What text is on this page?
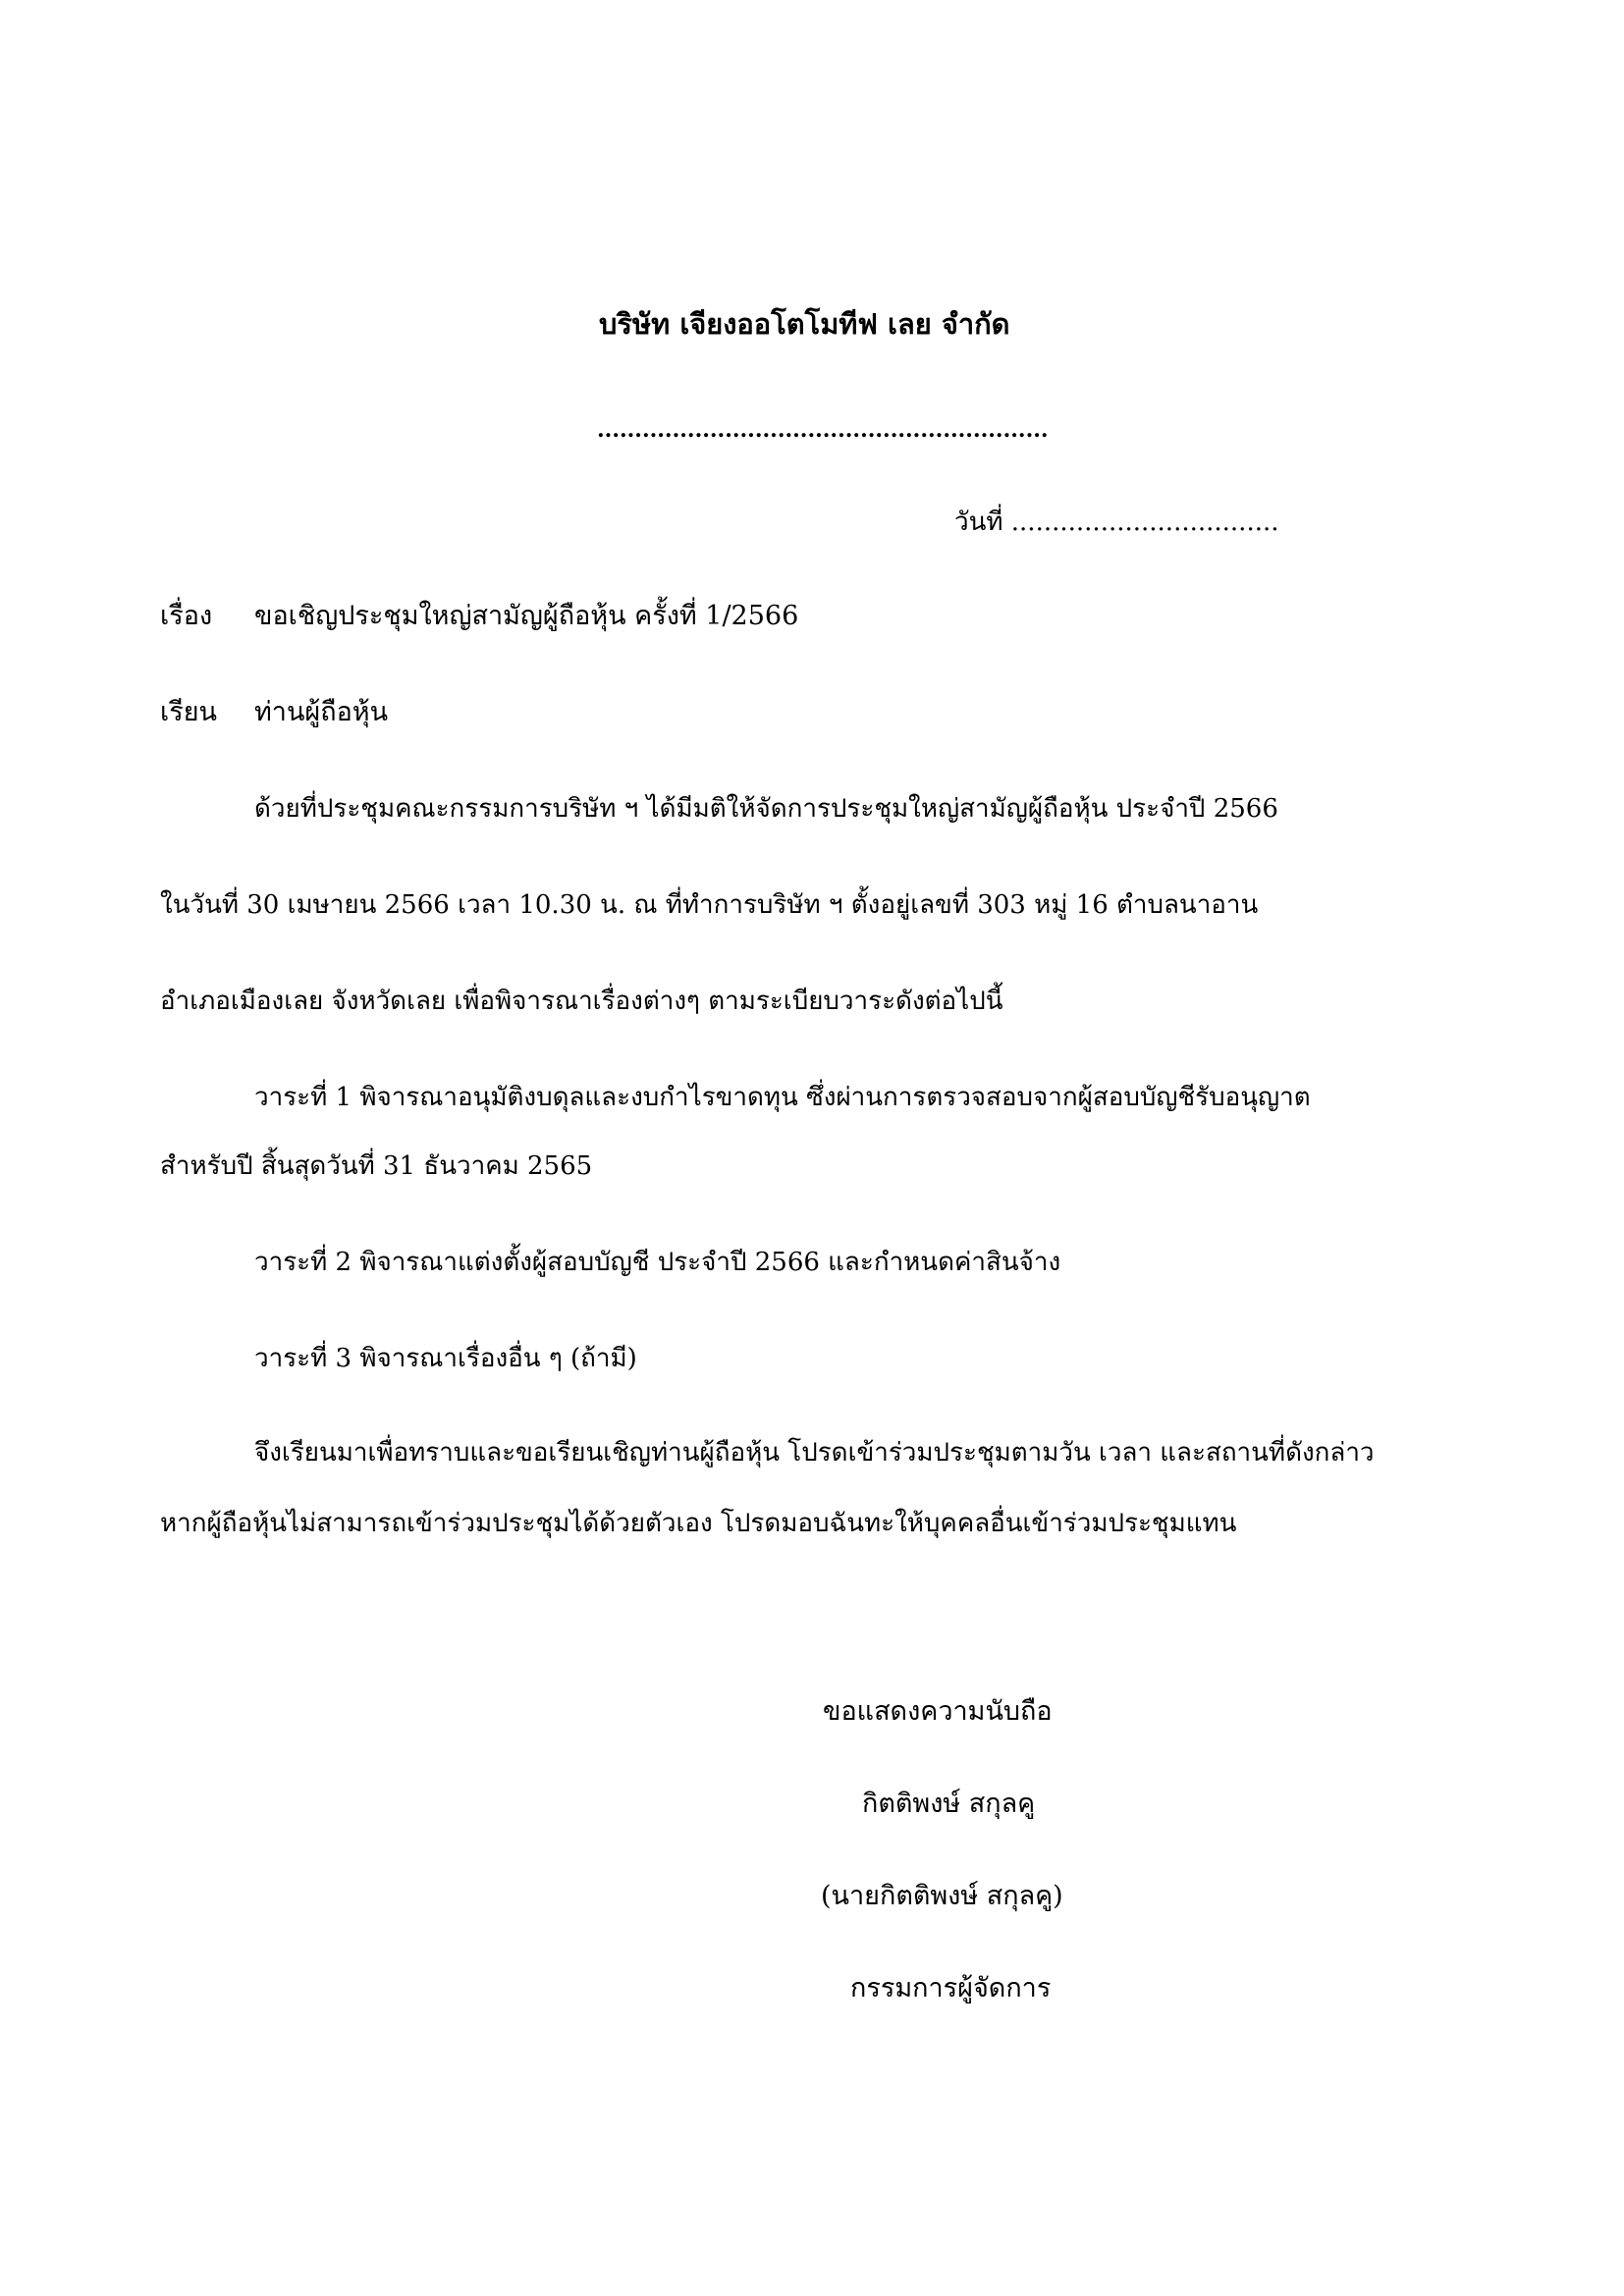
บริษัท เจียงออโตโมทีฟ เลย จำกัด
............................................................
วันที่ .................................
เรื่อง ขอเชิญประชุมใหญ่สามัญผู้ถือหุ้น ครั้งที่ 1/2566
เรียน ท่านผู้ถือหุ้น
ด้วยที่ประชุมคณะกรรมการบริษัท ฯ ได้มีมติให้จัดการประชุมใหญ่สามัญผู้ถือหุ้น ประจำปี 2566
ในวันที่ 30 เมษายน 2566 เวลา 10.30 น. ณ ที่ทำการบริษัท ฯ ตั้งอยู่เลขที่ 303 หมู่ 16 ตำบลนาอาน
อำเภอเมืองเลย จังหวัดเลย เพื่อพิจารณาเรื่องต่างๆ ตามระเบียบวาระดังต่อไปนี้
วาระที่ 1 พิจารณาอนุมัติงบดุลและงบกำไรขาดทุน ซึ่งผ่านการตรวจสอบจากผู้สอบบัญชีรับอนุญาต
สำหรับปี สิ้นสุดวันที่ 31 ธันวาคม 2565
วาระที่ 2 พิจารณาแต่งตั้งผู้สอบบัญชี ประจำปี 2566 และกำหนดค่าสินจ้าง
วาระที่ 3 พิจารณาเรื่องอื่น ๆ (ถ้ามี)
จึงเรียนมาเพื่อทราบและขอเรียนเชิญท่านผู้ถือหุ้น โปรดเข้าร่วมประชุมตามวัน เวลา และสถานที่ดังกล่าว
หากผู้ถือหุ้นไม่สามารถเข้าร่วมประชุมได้ด้วยตัวเอง โปรดมอบฉันทะให้บุคคลอื่นเข้าร่วมประชุมแทน
ขอแสดงความนับถือ
กิตติพงษ์ สกุลคู
(นายกิตติพงษ์ สกุลคู)
กรรมการผู้จัดการ
